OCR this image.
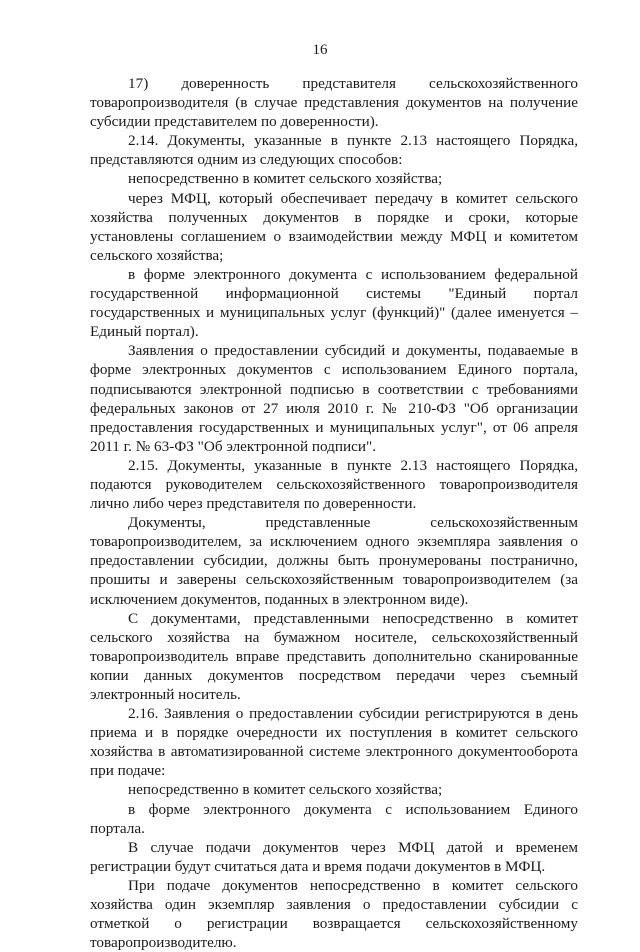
16

17) доверенность представителя сельскохозяйственного товаропроизводителя (в случае представления документов на получение субсидии представителем по доверенности).

2.14. Документы, указанные в пункте 2.13 настоящего Порядка, представляются одним из следующих способов:

непосредственно в комитет сельского хозяйства;

через МФЦ, который обеспечивает передачу в комитет сельского хозяйства полученных документов в порядке и сроки, которые установлены соглашением о взаимодействии между МФЦ и комитетом сельского хозяйства;

в форме электронного документа с использованием федеральной государственной информационной системы "Единый портал государственных и муниципальных услуг (функций)" (далее именуется – Единый портал).

Заявления о предоставлении субсидий и документы, подаваемые в форме электронных документов с использованием Единого портала, подписываются электронной подписью в соответствии с требованиями федеральных законов от 27 июля 2010 г. № 210-ФЗ "Об организации предоставления государственных и муниципальных услуг", от 06 апреля 2011 г. № 63-ФЗ "Об электронной подписи".

2.15. Документы, указанные в пункте 2.13 настоящего Порядка, подаются руководителем сельскохозяйственного товаропроизводителя лично либо через представителя по доверенности.

Документы, представленные сельскохозяйственным товаропроизводителем, за исключением одного экземпляра заявления о предоставлении субсидии, должны быть пронумерованы постранично, прошиты и заверены сельскохозяйственным товаропроизводителем (за исключением документов, поданных в электронном виде).

С документами, представленными непосредственно в комитет сельского хозяйства на бумажном носителе, сельскохозяйственный товаропроизводитель вправе представить дополнительно сканированные копии данных документов посредством передачи через съемный электронный носитель.

2.16. Заявления о предоставлении субсидии регистрируются в день приема и в порядке очередности их поступления в комитет сельского хозяйства в автоматизированной системе электронного документооборота при подаче:

непосредственно в комитет сельского хозяйства;

в форме электронного документа с использованием Единого портала.

В случае подачи документов через МФЦ датой и временем регистрации будут считаться дата и время подачи документов в МФЦ.

При подаче документов непосредственно в комитет сельского хозяйства один экземпляр заявления о предоставлении субсидии с отметкой о регистрации возвращается сельскохозяйственному товаропроизводителю.
